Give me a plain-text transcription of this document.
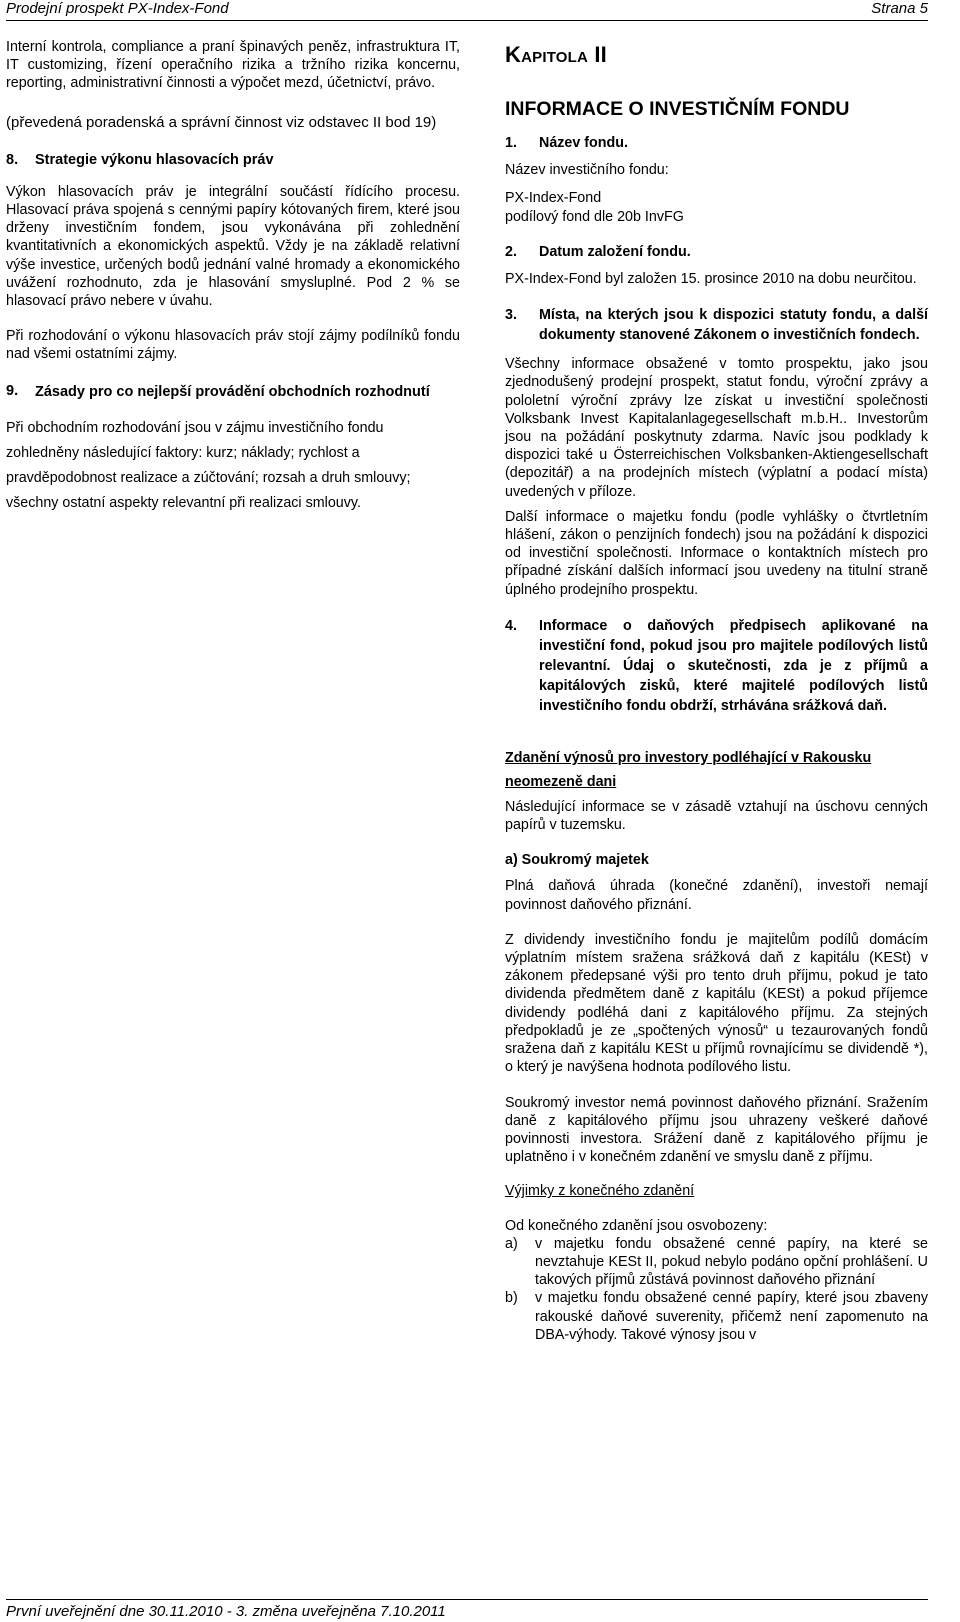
Prodejní prospekt PX-Index-Fond	Strana 5

Interní kontrola, compliance a praní špinavých peněz, infrastruktura IT, IT customizing, řízení operačního rizika a tržního rizika koncernu, reporting, administrativní činnosti a výpočet mezd, účetnictví, právo.

(převedená poradenská a správní činnost viz odstavec II bod 19)

8.	Strategie výkonu hlasovacích práv

Výkon hlasovacích práv je integrální součástí řídícího procesu. Hlasovací práva spojená s cennými papíry kótovaných firem, které jsou drženy investičním fondem, jsou vykonávána při zohlednění kvantitativních a ekonomických aspektů. Vždy je na základě relativní výše investice, určených bodů jednání valné hromady a ekonomického uvážení rozhodnuto, zda je hlasování smysluplné. Pod 2 % se hlasovací právo nebere v úvahu.

Při rozhodování o výkonu hlasovacích práv stojí zájmy podílníků fondu nad všemi ostatními zájmy.

9.	Zásady pro co nejlepší provádění obchodních rozhodnutí

Při obchodním rozhodování jsou v zájmu investičního fondu zohledněny následující faktory: kurz; náklady; rychlost a pravděpodobnost realizace a zúčtování; rozsah a druh smlouvy; všechny ostatní aspekty relevantní při realizaci smlouvy.

Kapitola II
INFORMACE O INVESTIČNÍM FONDU
1.	Název fondu.
Název investičního fondu:
PX-Index-Fond
podílový fond dle 20b InvFG
2.	Datum založení fondu.

PX-Index-Fond byl založen 15. prosince 2010 na dobu neurčitou.

3.	Místa, na kterých jsou k dispozici statuty fondu, a další dokumenty stanovené Zákonem o investičních fondech.

Všechny informace obsažené v tomto prospektu, jako jsou zjednodušený prodejní prospekt, statut fondu, výroční zprávy a pololetní výroční zprávy lze získat u investiční společnosti Volksbank Invest Kapitalanlagegesellschaft m.b.H.. Investorům jsou na požádání poskytnuty zdarma. Navíc jsou podklady k dispozici také u Österreichischen Volksbanken-Aktiengesellschaft (depozitář) a na prodejních místech (výplatní a podací místa) uvedených v příloze.

Další informace o majetku fondu (podle vyhlášky o čtvrtletním hlášení, zákon o penzijních fondech) jsou na požádání k dispozici od investiční společnosti. Informace o kontaktních místech pro případné získání dalších informací jsou uvedeny na titulní straně úplného prodejního prospektu.

4.	Informace o daňových předpisech aplikované na investiční fond, pokud jsou pro majitele podílových listů relevantní. Údaj o skutečnosti, zda je z příjmů a kapitálových zisků, které majitelé podílových listů investičního fondu obdrží, strhávána srážková daň.
Zdanění výnosů pro investory podléhající v Rakousku neomezeně dani

Následující informace se v zásadě vztahují na úschovu cenných papírů v tuzemsku.

a) Soukromý majetek

Plná daňová úhrada (konečné zdanění), investoři nemají povinnost daňového přiznání.

Z dividendy investičního fondu je majitelům podílů domácím výplatním místem sražena srážková daň z kapitálu (KESt) v zákonem předepsané výši pro tento druh příjmu, pokud je tato dividenda předmětem daně z kapitálu (KESt) a pokud příjemce dividendy podléhá dani z kapitálového příjmu. Za stejných předpokladů je ze „spočtených výnosů“ u tezaurovaných fondů sražena daň z kapitálu KESt u příjmů rovnajícímu se dividendě *), o který je navýšena hodnota podílového listu.

Soukromý investor nemá povinnost daňového přiznání. Sražením daně z kapitálového příjmu jsou uhrazeny veškeré daňové povinnosti investora. Srážení daně z kapitálového příjmu je uplatněno i v konečném zdanění ve smyslu daně z příjmu.

Výjimky z konečného zdanění
Od konečného zdanění jsou osvobozeny:
a)	v majetku fondu obsažené cenné papíry, na které se nevztahuje KESt II, pokud nebylo podáno opční prohlášení. U takových příjmů zůstává povinnost daňového přiznání
b)	v majetku fondu obsažené cenné papíry, které jsou zbaveny rakouské daňové suverenity, přičemž není zapomenuto na DBA-výhody. Takové výnosy jsou v
První uveřejnění dne 30.11.2010 - 3. změna uveřejněna 7.10.2011
